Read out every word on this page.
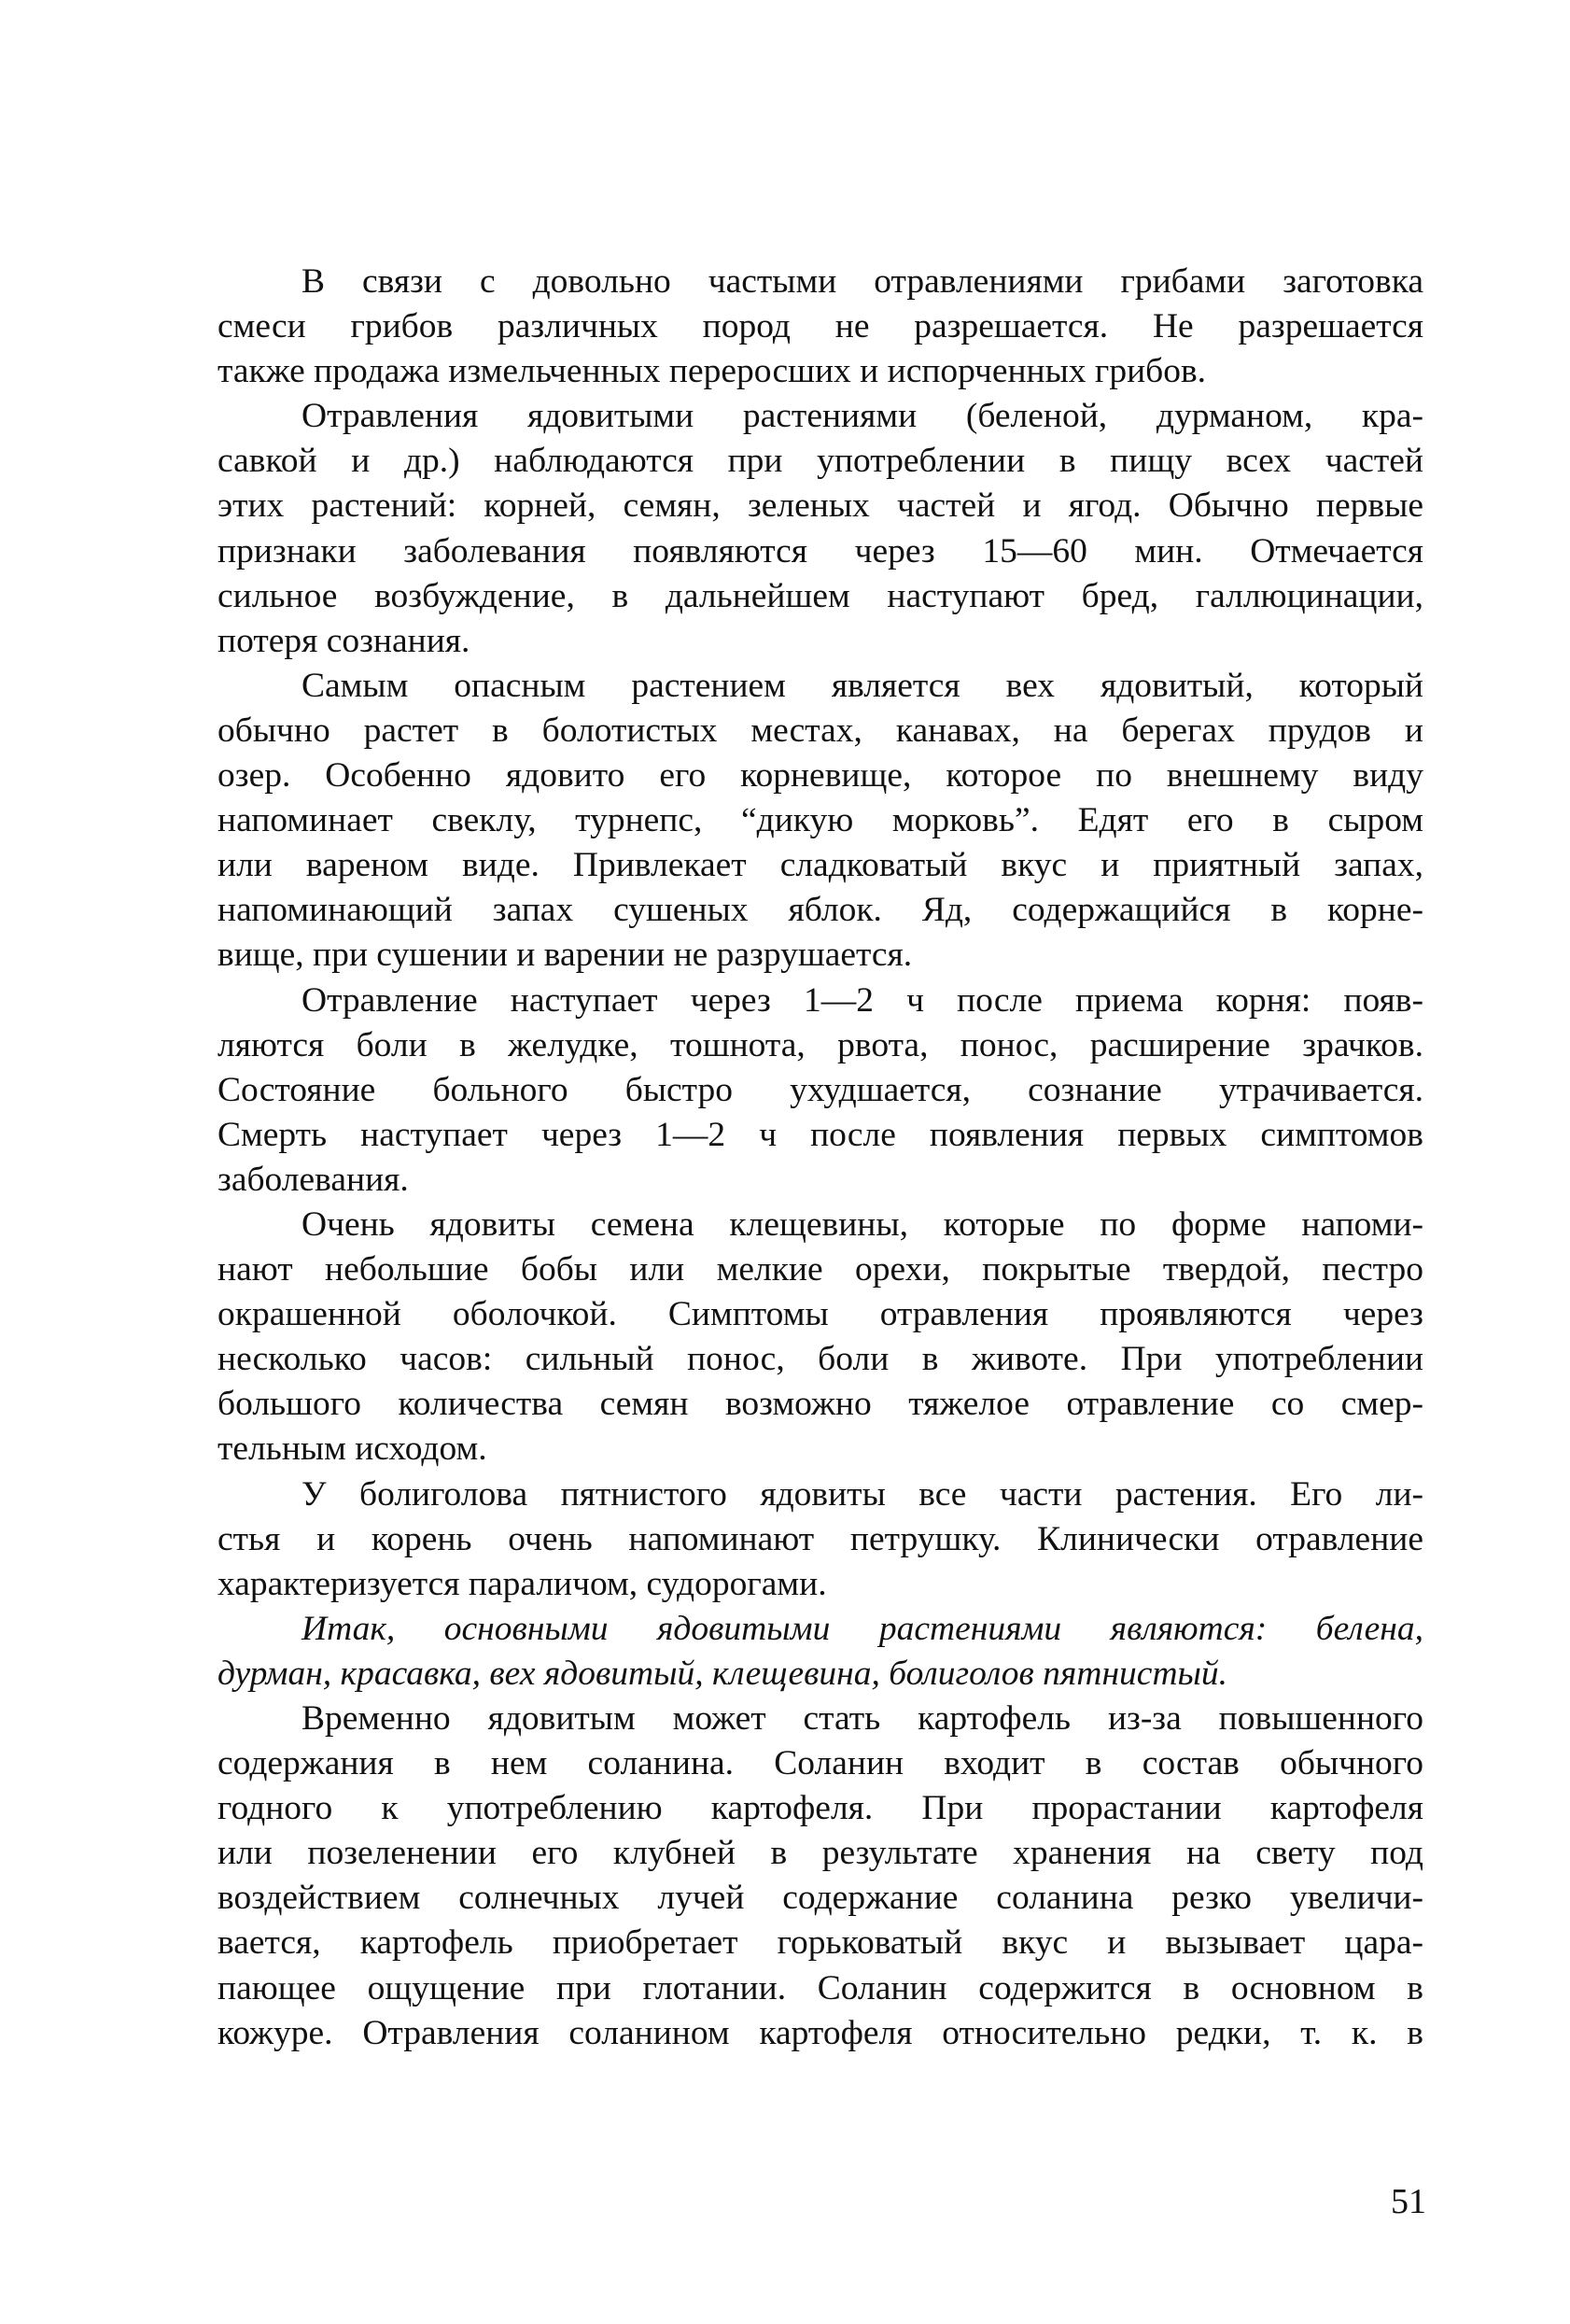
В связи с довольно частыми отравлениями грибами заготовка
смеси грибов различных пород не разрешается. Не разрешается
также продажа измельченных переросших и испорченных грибов.
Отравления ядовитыми растениями (беленой, дурманом, кра-
савкой и др.) наблюдаются при употреблении в пищу всех частей
этих растений: корней, семян, зеленых частей и ягод. Обычно первые
признаки заболевания появляются через 15—60 мин. Отмечается
сильное возбуждение, в дальнейшем наступают бред, галлюцинации,
потеря сознания.
Самым опасным растением является вех ядовитый, который
обычно растет в болотистых местах, канавах, на берегах прудов и
озер. Особенно ядовито его корневище, которое по внешнему виду
напоминает свеклу, турнепс, “дикую морковь”. Едят его в сыром
или вареном виде. Привлекает сладковатый вкус и приятный запах,
напоминающий запах сушеных яблок. Яд, содержащийся в корне-
вище, при сушении и варении не разрушается.
Отравление наступает через 1—2 ч после приема корня: появ-
ляются боли в желудке, тошнота, рвота, понос, расширение зрачков.
Состояние больного быстро ухудшается, сознание утрачивается.
Смерть наступает через 1—2 ч после появления первых симптомов
заболевания.
Очень ядовиты семена клещевины, которые по форме напоми-
нают небольшие бобы или мелкие орехи, покрытые твердой, пестро
окрашенной оболочкой. Симптомы отравления проявляются через
несколько часов: сильный понос, боли в животе. При употреблении
большого количества семян возможно тяжелое отравление со смер-
тельным исходом.
У болиголова пятнистого ядовиты все части растения. Его ли-
стья и корень очень напоминают петрушку. Клинически отравление
характеризуется параличом, судорогами.
Итак, основными ядовитыми растениями являются: белена,
дурман, красавка, вех ядовитый, клещевина, болиголов пятнистый.
Временно ядовитым может стать картофель из-за повышенного
содержания в нем соланина. Соланин входит в состав обычного
годного к употреблению картофеля. При прорастании картофеля
или позеленении его клубней в результате хранения на свету под
воздействием солнечных лучей содержание соланина резко увеличи-
вается, картофель приобретает горьковатый вкус и вызывает цара-
пающее ощущение при глотании. Соланин содержится в основном в
кожуре. Отравления соланином картофеля относительно редки, т. к. в
51
